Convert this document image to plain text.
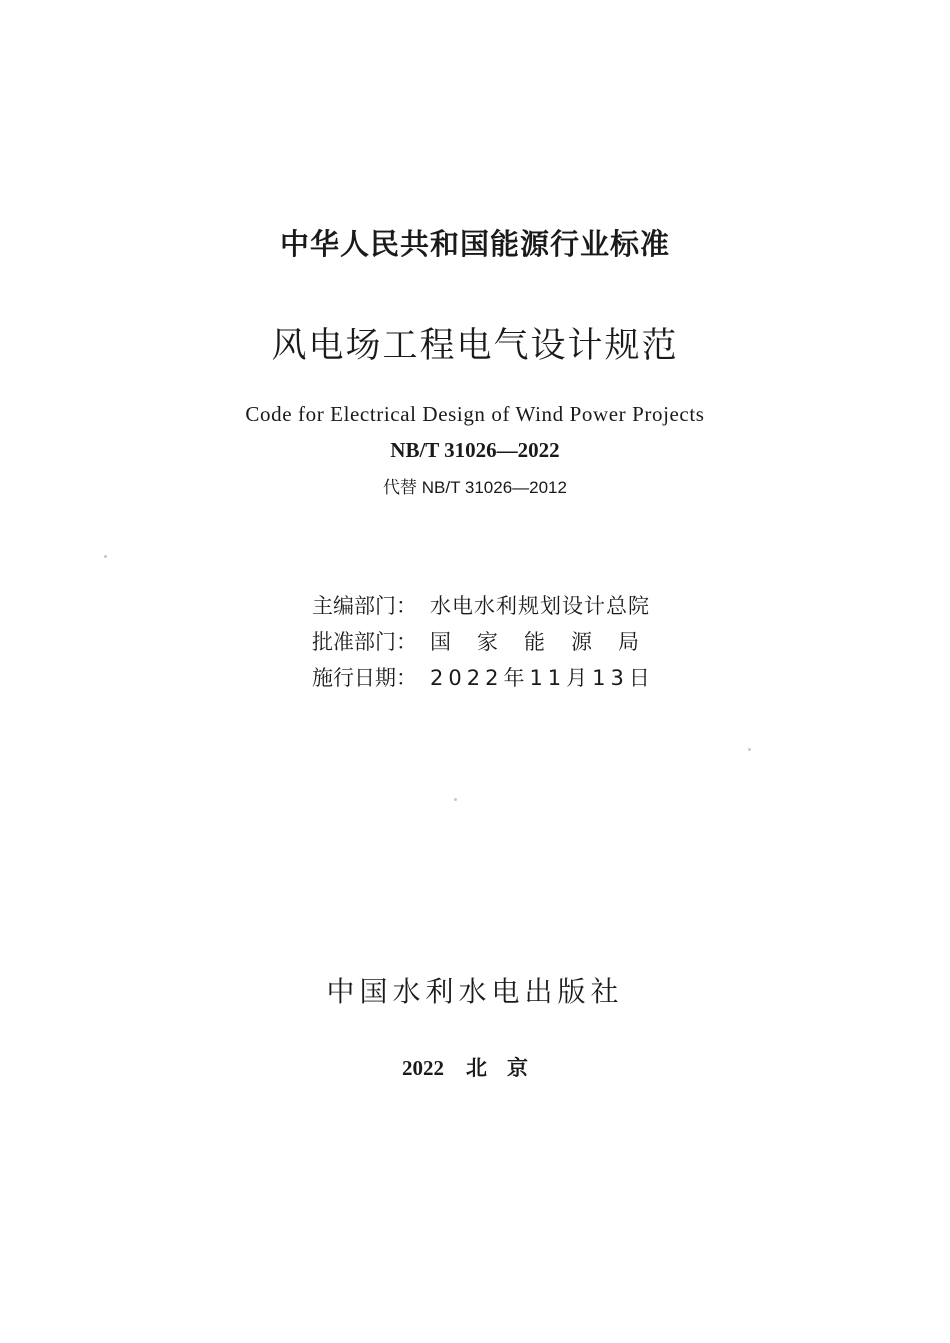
中华人民共和国能源行业标准
风电场工程电气设计规范
Code for Electrical Design of Wind Power Projects
NB/T 31026—2022
代替 NB/T 31026—2012
主编部门： 水电水利规划设计总院
批准部门： 国家能源局
施行日期： 2022年11月13日
中国水利水电出版社
2022 北京
